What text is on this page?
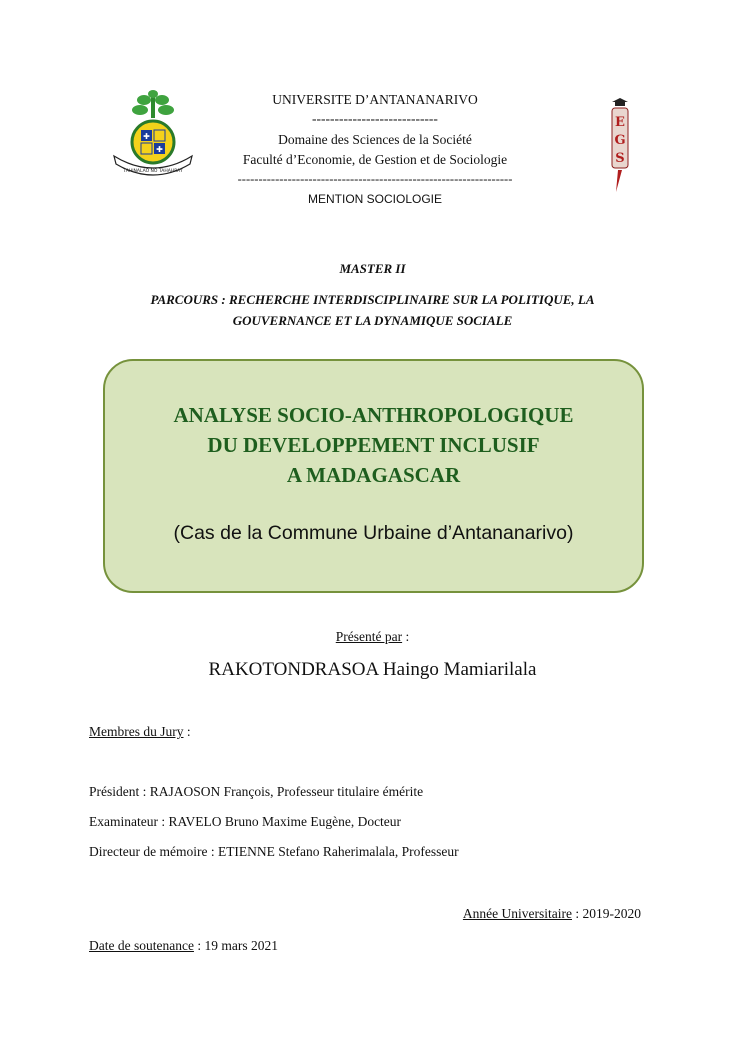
✚
✚
TAHINALAO NO TAHAHRAY
E
G
S
UNIVERSITE D’ANTANANARIVO
----------------------------
Domaine des Sciences de la Société
Faculté d’Economie, de Gestion et de Sociologie
------------------------------------------------------------------
MENTION SOCIOLOGIE
MASTER II
PARCOURS : RECHERCHE INTERDISCIPLINAIRE SUR LA POLITIQUE, LA
GOUVERNANCE ET LA DYNAMIQUE SOCIALE
ANALYSE SOCIO-ANTHROPOLOGIQUE
DU DEVELOPPEMENT INCLUSIF
A MADAGASCAR
(Cas de la Commune Urbaine d’Antananarivo)
Présenté par :
RAKOTONDRASOA Haingo Mamiarilala
Membres du Jury :
Président : RAJAOSON François, Professeur titulaire émérite
Examinateur : RAVELO Bruno Maxime Eugène, Docteur
Directeur de mémoire : ETIENNE Stefano Raherimalala, Professeur
Année Universitaire : 2019-2020
Date de soutenance : 19 mars 2021
